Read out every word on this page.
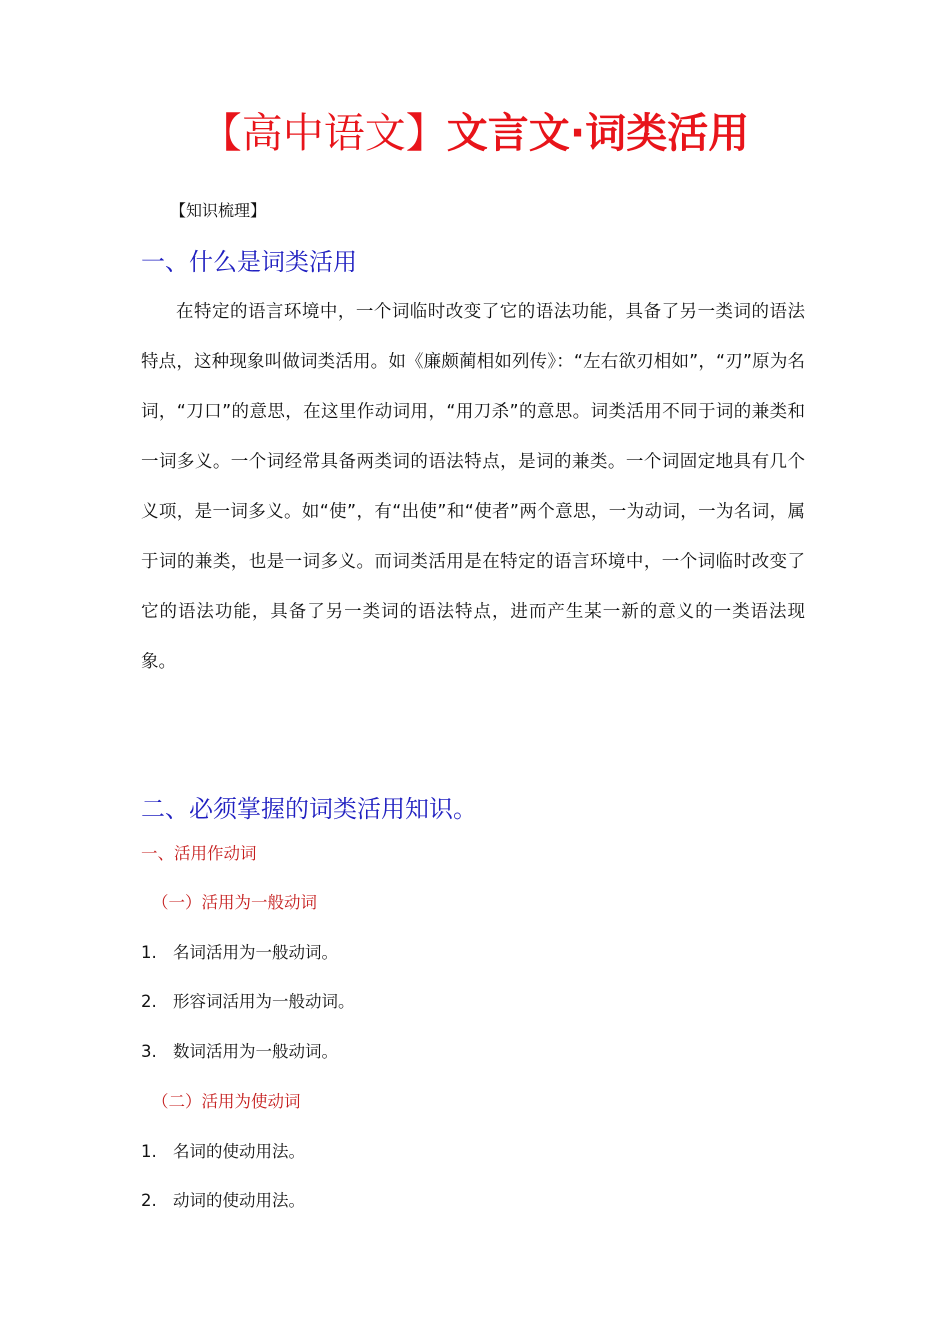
【高中语文】文言文·词类活用
【知识梳理】
一、什么是词类活用

在特定的语言环境中，一个词临时改变了它的语法功能，具备了另一类词的语法特点，这种现象叫做词类活用。如《廉颇蔺相如列传》：“左右欲刃相如”，“刃”原为名词，“刀口”的意思，在这里作动词用，“用刀杀”的意思。词类活用不同于词的兼类和一词多义。一个词经常具备两类词的语法特点，是词的兼类。一个词固定地具有几个义项，是一词多义。如“使”，有“出使”和“使者”两个意思，一为动词，一为名词，属于词的兼类，也是一词多义。而词类活用是在特定的语言环境中，一个词临时改变了它的语法功能，具备了另一类词的语法特点，进而产生某一新的意义的一类语法现象。

二、必须掌握的词类活用知识。
一、活用作动词
（一）活用为一般动词
1. 名词活用为一般动词。
2. 形容词活用为一般动词。
3. 数词活用为一般动词。
（二）活用为使动词
1. 名词的使动用法。
2. 动词的使动用法。
